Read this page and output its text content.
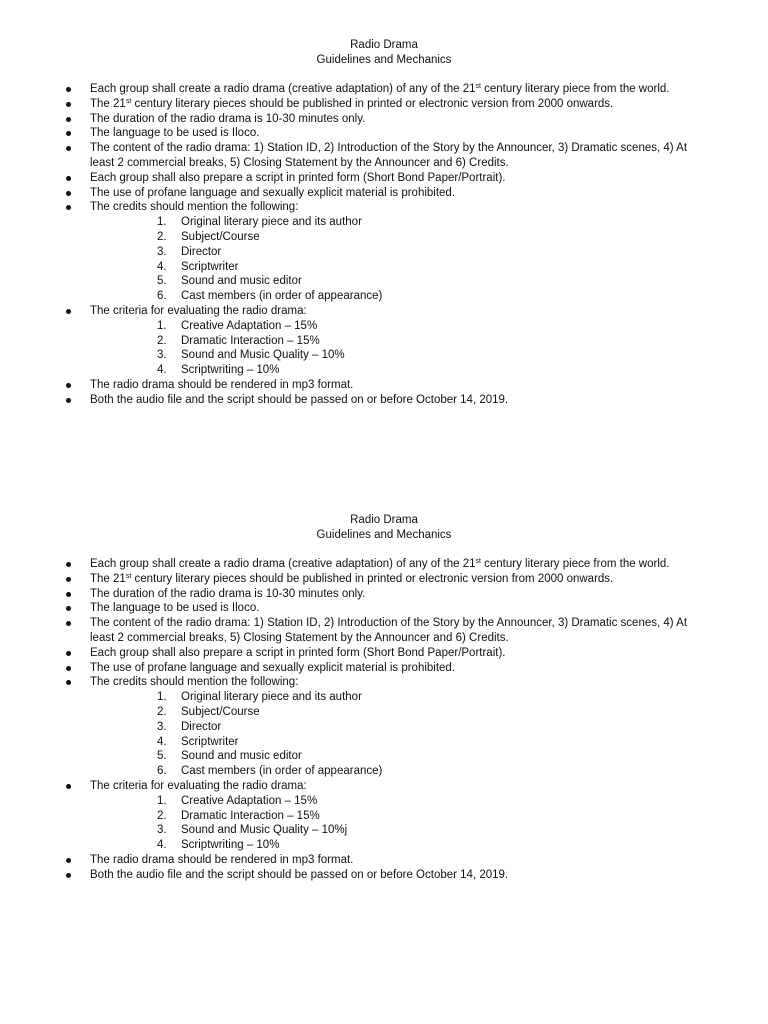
Radio Drama

Guidelines and Mechanics

Each group shall create a radio drama (creative adaptation) of any of the 21st century literary piece from the world.
The 21st century literary pieces should be published in printed or electronic version from 2000 onwards.
The duration of the radio drama is 10-30 minutes only.
The language to be used is Iloco.
The content of the radio drama: 1) Station ID, 2) Introduction of the Story by the Announcer, 3) Dramatic scenes, 4) At least 2 commercial breaks, 5) Closing Statement by the Announcer and 6) Credits.
Each group shall also prepare a script in printed form (Short Bond Paper/Portrait).
The use of profane language and sexually explicit material is prohibited.
The credits should mention the following:
1. Original literary piece and its author
2. Subject/Course
3. Director
4. Scriptwriter
5. Sound and music editor
6. Cast members (in order of appearance)
The criteria for evaluating the radio drama:
1. Creative Adaptation – 15%
2. Dramatic Interaction – 15%
3. Sound and Music Quality – 10%
4. Scriptwriting – 10%
The radio drama should be rendered in mp3 format.
Both the audio file and the script should be passed on or before October 14, 2019.

Radio Drama

Guidelines and Mechanics

Each group shall create a radio drama (creative adaptation) of any of the 21st century literary piece from the world.
The 21st century literary pieces should be published in printed or electronic version from 2000 onwards.
The duration of the radio drama is 10-30 minutes only.
The language to be used is Iloco.
The content of the radio drama: 1) Station ID, 2) Introduction of the Story by the Announcer, 3) Dramatic scenes, 4) At least 2 commercial breaks, 5) Closing Statement by the Announcer and 6) Credits.
Each group shall also prepare a script in printed form (Short Bond Paper/Portrait).
The use of profane language and sexually explicit material is prohibited.
The credits should mention the following:
1. Original literary piece and its author
2. Subject/Course
3. Director
4. Scriptwriter
5. Sound and music editor
6. Cast members (in order of appearance)
The criteria for evaluating the radio drama:
1. Creative Adaptation – 15%
2. Dramatic Interaction – 15%
3. Sound and Music Quality – 10%j
4. Scriptwriting – 10%
The radio drama should be rendered in mp3 format.
Both the audio file and the script should be passed on or before October 14, 2019.
